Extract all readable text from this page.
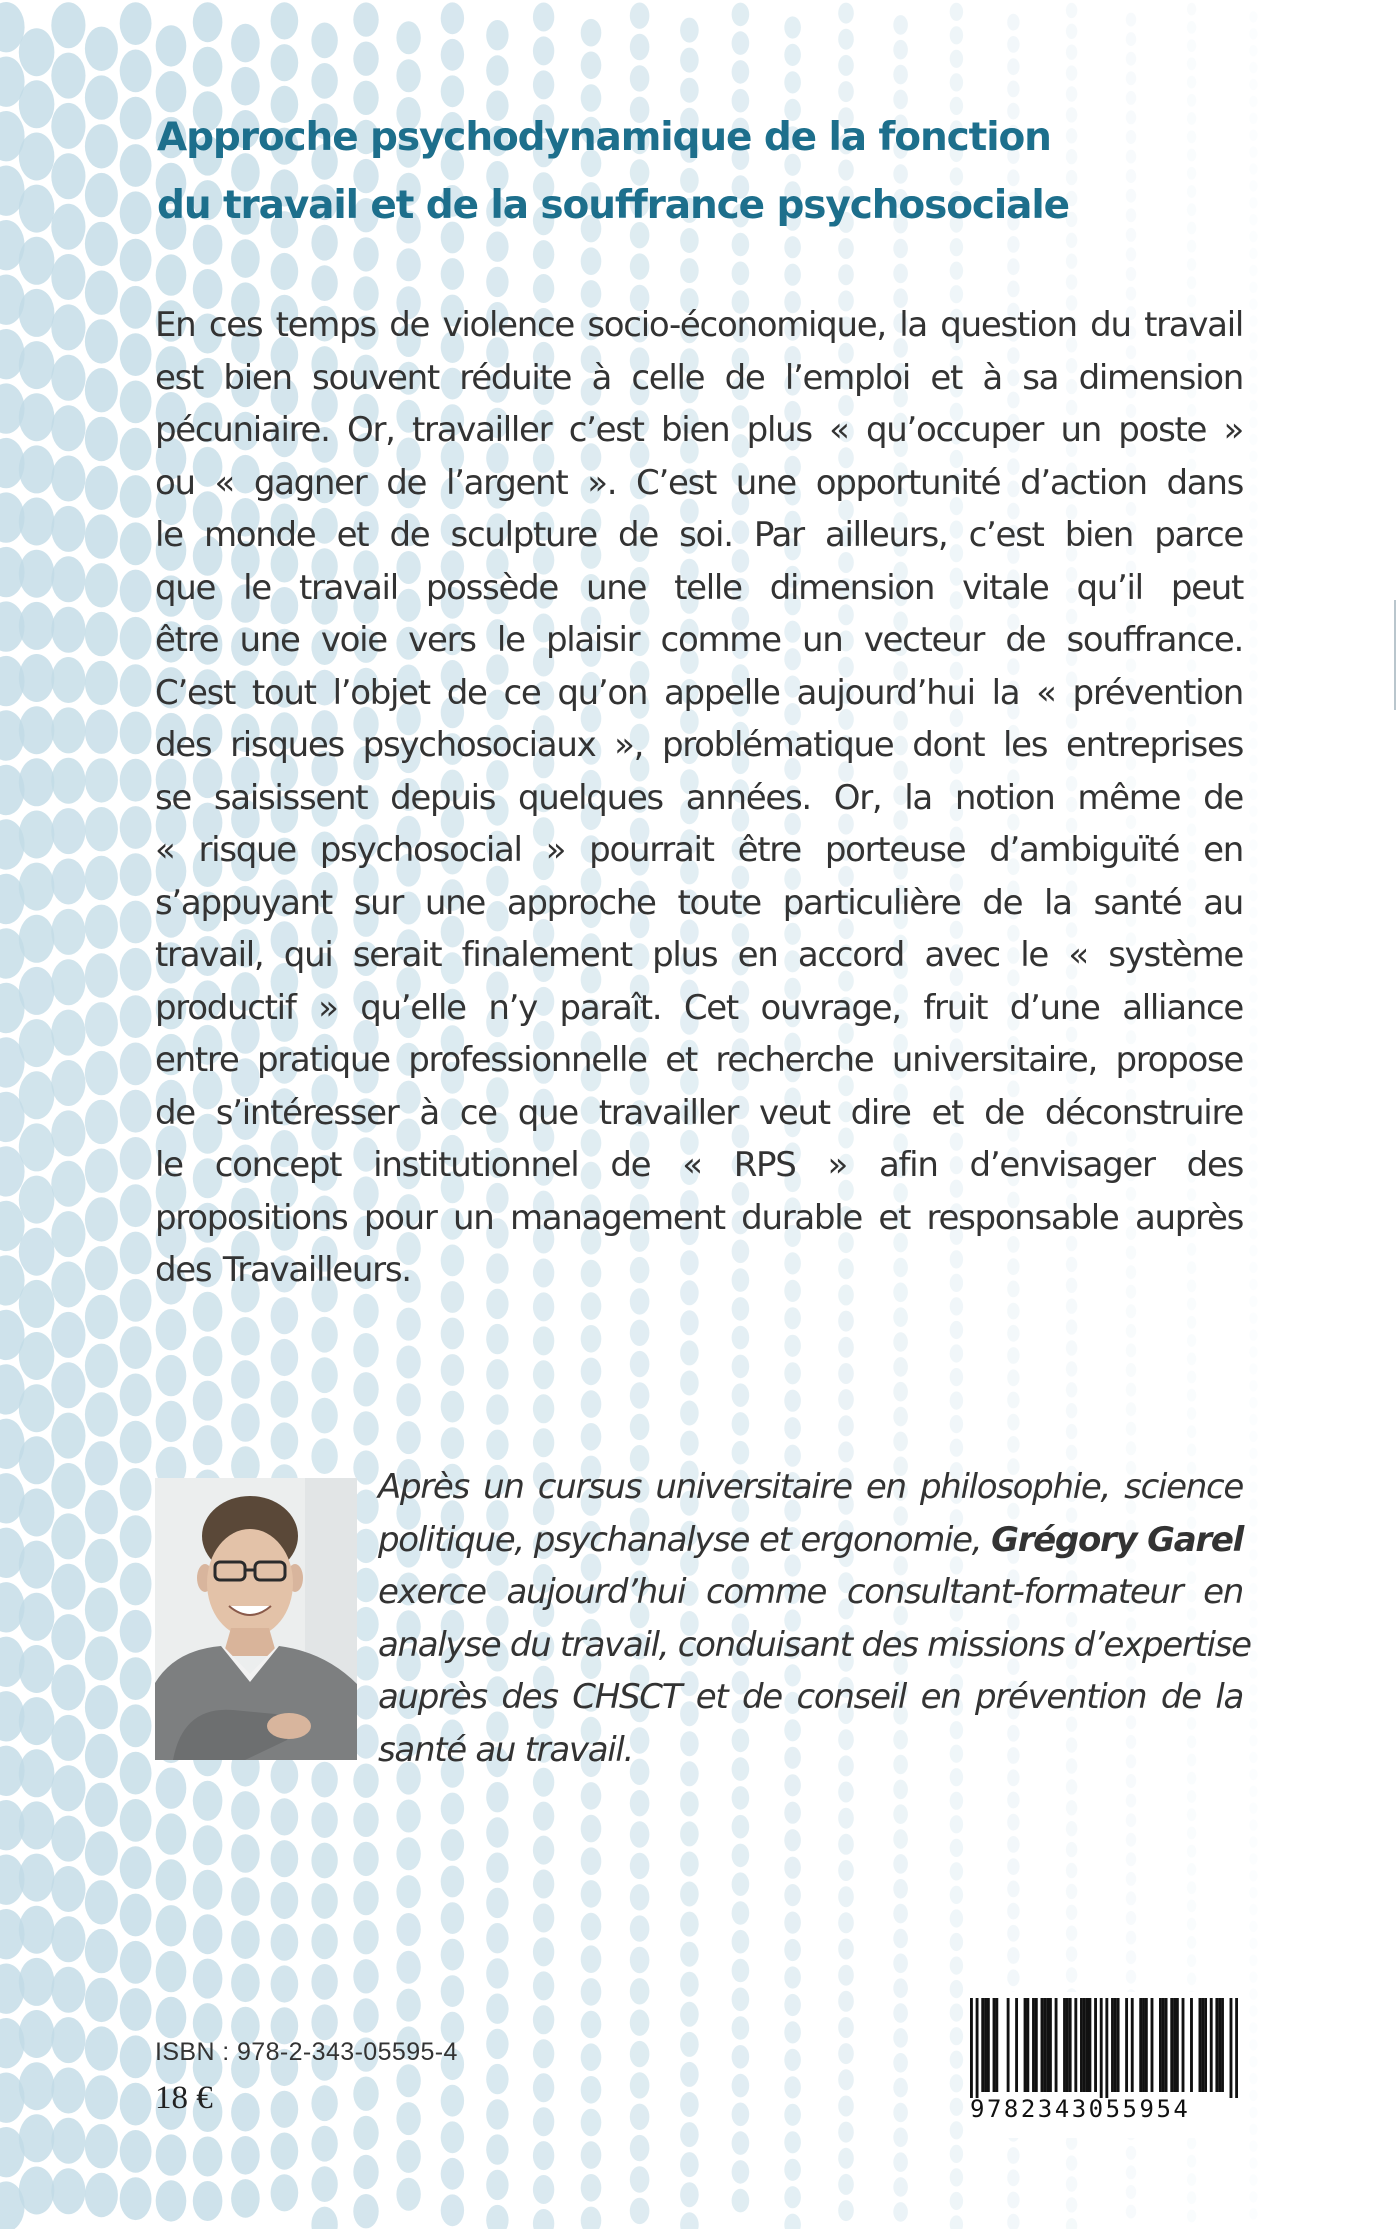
Approche psychodynamique de la fonction
du travail et de la souffrance psychosociale
En ces temps de violence socio-économique, la question du travail
est bien souvent réduite à celle de l’emploi et à sa dimension
pécuniaire. Or, travailler c’est bien plus « qu’occuper un poste »
ou « gagner de l’argent ». C’est une opportunité d’action dans
le monde et de sculpture de soi. Par ailleurs, c’est bien parce
que le travail possède une telle dimension vitale qu’il peut
être une voie vers le plaisir comme un vecteur de souffrance.
C’est tout l’objet de ce qu’on appelle aujourd’hui la « prévention
des risques psychosociaux », problématique dont les entreprises
se saisissent depuis quelques années. Or, la notion même de
« risque psychosocial » pourrait être porteuse d’ambiguïté en
s’appuyant sur une approche toute particulière de la santé au
travail, qui serait finalement plus en accord avec le « système
productif » qu’elle n’y paraît. Cet ouvrage, fruit d’une alliance
entre pratique professionnelle et recherche universitaire, propose
de s’intéresser à ce que travailler veut dire et de déconstruire
le concept institutionnel de « RPS » afin d’envisager des
propositions pour un management durable et responsable auprès
des Travailleurs.
Après un cursus universitaire en philosophie, science
politique, psychanalyse et ergonomie, Grégory Garel
exerce aujourd’hui comme consultant-formateur en
analyse du travail, conduisant des missions d’expertise
auprès des CHSCT et de conseil en prévention de la
santé au travail.
ISBN : 978-2-343-05595-4
18 €	9782343055954
